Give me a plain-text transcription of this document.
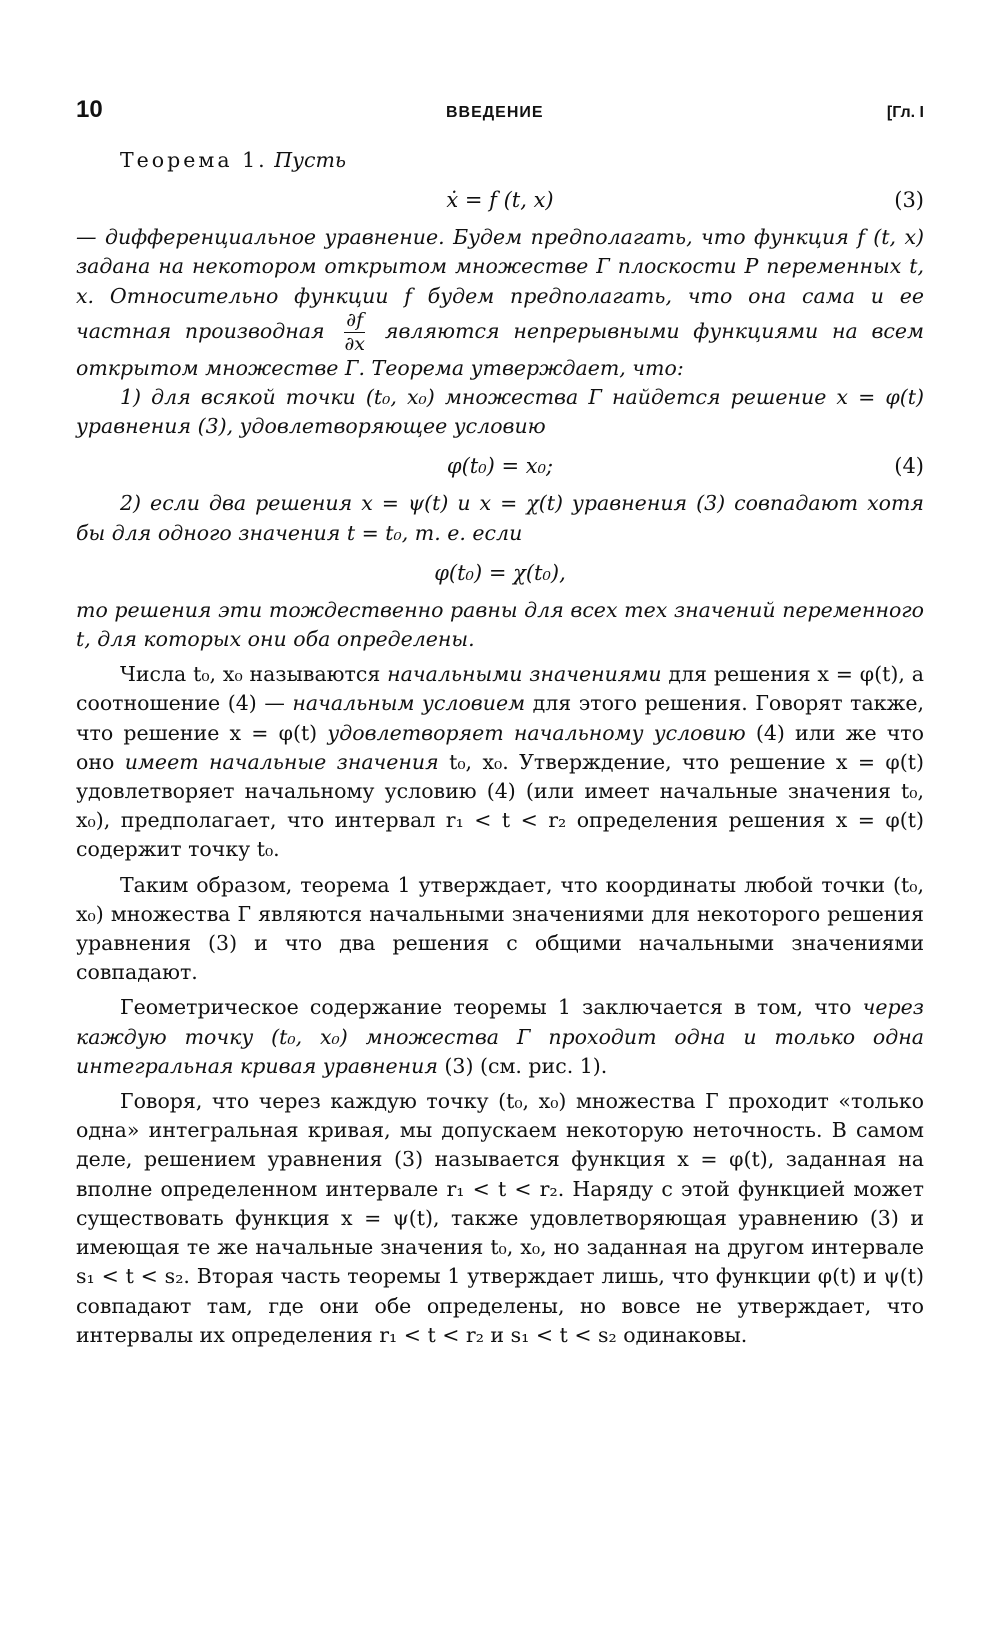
10	ВВЕДЕНИЕ	[Гл. I

Теорема 1. Пусть

ẋ = f (t, x)	(3)

— дифференциальное уравнение. Будем предполагать, что функция f (t, x) задана на некотором открытом множестве Г плоскости P переменных t, x. Относительно функции f будем предполагать, что она сама и ее частная производная $\frac{\partial f}{\partial x}$ являются непрерывными функциями на всем открытом множестве Г. Теорема утверждает, что:

1) для всякой точки (t₀, x₀) множества Г найдется решение x = φ(t) уравнения (3), удовлетворяющее условию

φ(t₀) = x₀;	(4)

2) если два решения x = ψ(t) и x = χ(t) уравнения (3) совпадают хотя бы для одного значения t = t₀, т. е. если

φ(t₀) = χ(t₀),

то решения эти тождественно равны для всех тех значений переменного t, для которых они оба определены.

Числа t₀, x₀ называются начальными значениями для решения x = φ(t), а соотношение (4) — начальным условием для этого решения. Говорят также, что решение x = φ(t) удовлетворяет начальному условию (4) или же что оно имеет начальные значения t₀, x₀. Утверждение, что решение x = φ(t) удовлетворяет начальному условию (4) (или имеет начальные значения t₀, x₀), предполагает, что интервал r₁ < t < r₂ определения решения x = φ(t) содержит точку t₀.

Таким образом, теорема 1 утверждает, что координаты любой точки (t₀, x₀) множества Г являются начальными значениями для некоторого решения уравнения (3) и что два решения с общими начальными значениями совпадают.

Геометрическое содержание теоремы 1 заключается в том, что через каждую точку (t₀, x₀) множества Г проходит одна и только одна интегральная кривая уравнения (3) (см. рис. 1).

Говоря, что через каждую точку (t₀, x₀) множества Г проходит «только одна» интегральная кривая, мы допускаем некоторую неточность. В самом деле, решением уравнения (3) называется функция x = φ(t), заданная на вполне определенном интервале r₁ < t < r₂. Наряду с этой функцией может существовать функция x = ψ(t), также удовлетворяющая уравнению (3) и имеющая те же начальные значения t₀, x₀, но заданная на другом интервале s₁ < t < s₂. Вторая часть теоремы 1 утверждает лишь, что функции φ(t) и ψ(t) совпадают там, где они обе определены, но вовсе не утверждает, что интервалы их определения r₁ < t < r₂ и s₁ < t < s₂ одинаковы.
